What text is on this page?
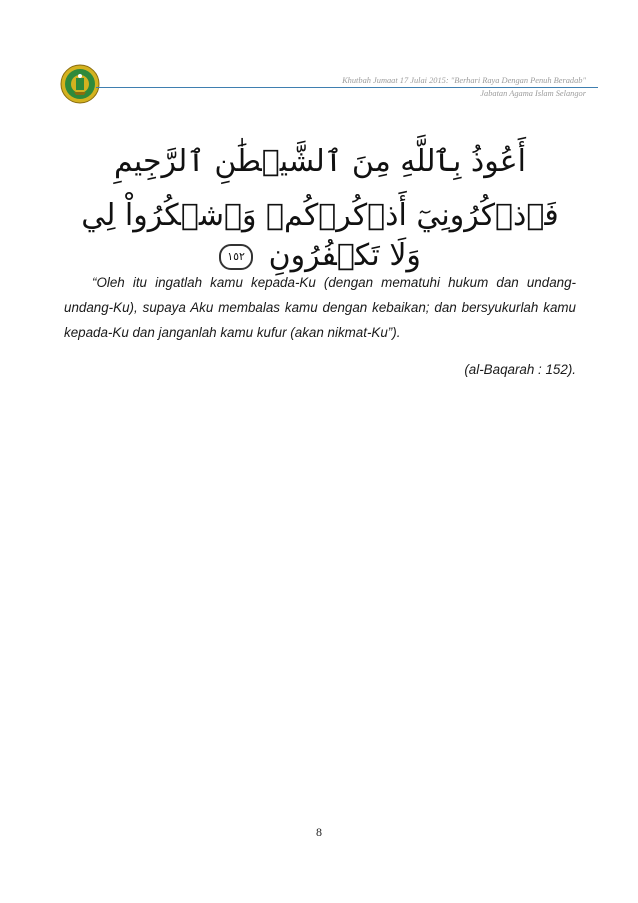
Khutbah Jumaat 17 Julai 2015: "Berhari Raya Dengan Penuh Beradab"
Jabatan Agama Islam Selangor
أَعُوذُ بِٱللَّهِ مِنَ ٱلشَّيۡطَٰنِ ٱلرَّجِيمِ
فَٱذۡكُرُونِيٓ أَذۡكُرۡكُمۡ وَٱشۡكُرُواْ لِي وَلَا تَكۡفُرُونِ ١٥٢
“Oleh itu ingatlah kamu kepada-Ku (dengan mematuhi hukum dan undang-undang-Ku), supaya Aku membalas kamu dengan kebaikan; dan bersyukurlah kamu kepada-Ku dan janganlah kamu kufur (akan nikmat-Ku”).
(al-Baqarah : 152).
8
